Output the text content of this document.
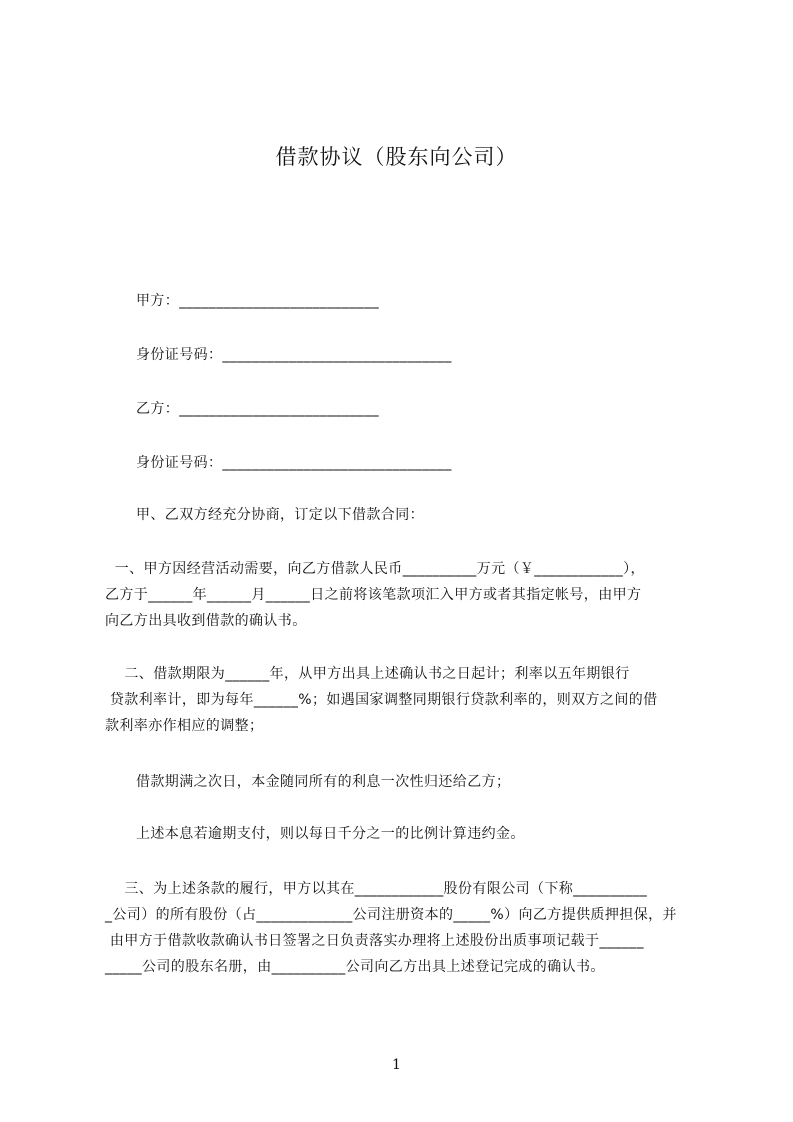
借款协议（股东向公司）
甲方：___________________________
身份证号码：_______________________________
乙方：___________________________
身份证号码：_______________________________
甲、乙双方经充分协商，订定以下借款合同：
一、甲方因经营活动需要，向乙方借款人民币__________万元（￥____________），
乙方于______年______月______日之前将该笔款项汇入甲方或者其指定帐号，由甲方
向乙方出具收到借款的确认书。
二、借款期限为______年，从甲方出具上述确认书之日起计；利率以五年期银行
贷款利率计，即为每年______%；如遇国家调整同期银行贷款利率的，则双方之间的借
款利率亦作相应的调整；
借款期满之次日，本金随同所有的利息一次性归还给乙方；
上述本息若逾期支付，则以每日千分之一的比例计算违约金。
三、为上述条款的履行，甲方以其在____________股份有限公司（下称__________
_公司）的所有股份（占_____________公司注册资本的_____%）向乙方提供质押担保，并
由甲方于借款收款确认书日签署之日负责落实办理将上述股份出质事项记载于______
_____公司的股东名册，由__________公司向乙方出具上述登记完成的确认书。
1
